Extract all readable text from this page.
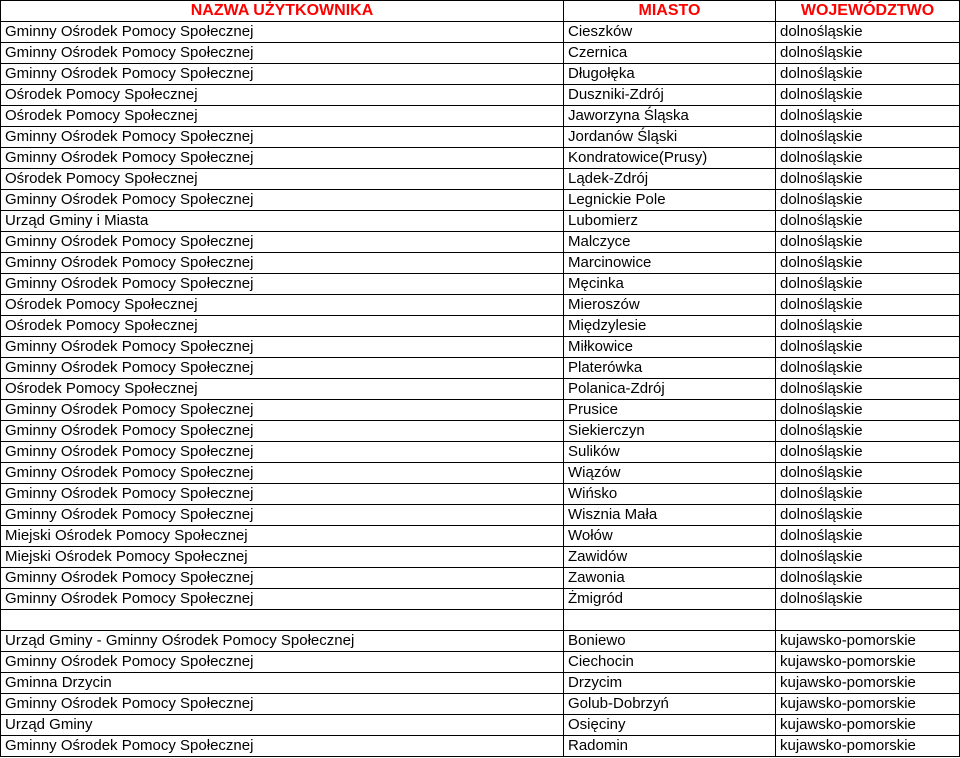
NAZWA UŻYTKOWNIKA	MIASTO	WOJEWÓDZTWO
Gminny Ośrodek Pomocy Społecznej	Cieszków	dolnośląskie
Gminny Ośrodek Pomocy Społecznej	Czernica	dolnośląskie
Gminny Ośrodek Pomocy Społecznej	Długołęka	dolnośląskie
Ośrodek Pomocy Społecznej	Duszniki-Zdrój	dolnośląskie
Ośrodek Pomocy Społecznej	Jaworzyna Śląska	dolnośląskie
Gminny Ośrodek Pomocy Społecznej	Jordanów Śląski	dolnośląskie
Gminny Ośrodek Pomocy Społecznej	Kondratowice(Prusy)	dolnośląskie
Ośrodek Pomocy Społecznej	Lądek-Zdrój	dolnośląskie
Gminny Ośrodek Pomocy Społecznej	Legnickie Pole	dolnośląskie
Urząd Gminy i Miasta	Lubomierz	dolnośląskie
Gminny Ośrodek Pomocy Społecznej	Malczyce	dolnośląskie
Gminny Ośrodek Pomocy Społecznej	Marcinowice	dolnośląskie
Gminny Ośrodek Pomocy Społecznej	Męcinka	dolnośląskie
Ośrodek Pomocy Społecznej	Mieroszów	dolnośląskie
Ośrodek Pomocy Społecznej	Międzylesie	dolnośląskie
Gminny Ośrodek Pomocy Społecznej	Miłkowice	dolnośląskie
Gminny Ośrodek Pomocy Społecznej	Platerówka	dolnośląskie
Ośrodek Pomocy Społecznej	Polanica-Zdrój	dolnośląskie
Gminny Ośrodek Pomocy Społecznej	Prusice	dolnośląskie
Gminny Ośrodek Pomocy Społecznej	Siekierczyn	dolnośląskie
Gminny Ośrodek Pomocy Społecznej	Sulików	dolnośląskie
Gminny Ośrodek Pomocy Społecznej	Wiązów	dolnośląskie
Gminny Ośrodek Pomocy Społecznej	Wińsko	dolnośląskie
Gminny Ośrodek Pomocy Społecznej	Wisznia Mała	dolnośląskie
Miejski Ośrodek Pomocy Społecznej	Wołów	dolnośląskie
Miejski Ośrodek Pomocy Społecznej	Zawidów	dolnośląskie
Gminny Ośrodek Pomocy Społecznej	Zawonia	dolnośląskie
Gminny Ośrodek Pomocy Społecznej	Żmigród	dolnośląskie

Urząd Gminy - Gminny Ośrodek Pomocy Społecznej	Boniewo	kujawsko-pomorskie
Gminny Ośrodek Pomocy Społecznej	Ciechocin	kujawsko-pomorskie
Gminna Drzycin	Drzycim	kujawsko-pomorskie
Gminny Ośrodek Pomocy Społecznej	Golub-Dobrzyń	kujawsko-pomorskie
Urząd Gminy	Osięciny	kujawsko-pomorskie
Gminny Ośrodek Pomocy Społecznej	Radomin	kujawsko-pomorskie
